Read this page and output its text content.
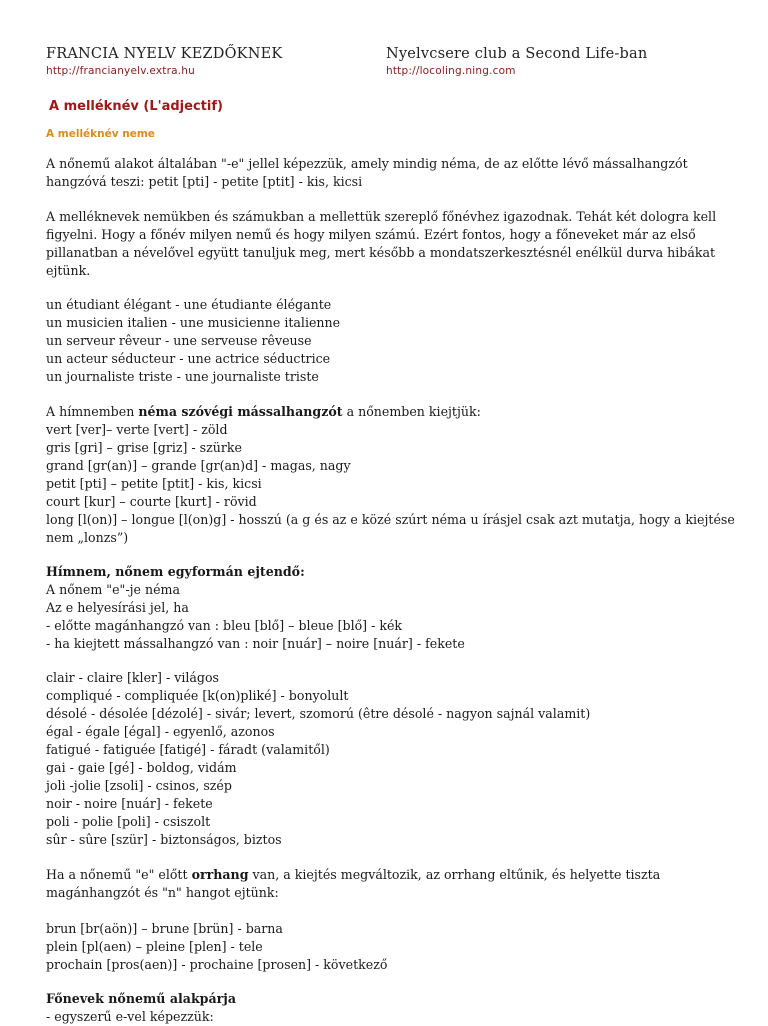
FRANCIA NYELV KEZDŐKNEK
http://francianyelv.extra.hu
Nyelvcsere club a Second Life-ban
http://locoling.ning.com
A melléknév (L'adjectif)
A melléknév neme

A nőnemű alakot általában "-e" jellel képezzük, amely mindig néma, de az előtte lévő mássalhangzót hangzóvá teszi: petit [pti] - petite [ptit] - kis, kicsi

A melléknevek nemükben és számukban a mellettük szereplő főnévhez igazodnak. Tehát két dologra kell figyelni. Hogy a főnév milyen nemű és hogy milyen számú. Ezért fontos, hogy a főneveket már az első pillanatban a névelővel együtt tanuljuk meg, mert később a mondatszerkesztésnél enélkül durva hibákat ejtünk.

un étudiant élégant - une étudiante élégante
un musicien italien - une musicienne italienne
un serveur rêveur - une serveuse rêveuse
un acteur séducteur - une actrice séductrice
un journaliste triste - une journaliste triste
A hímnemben néma szóvégi mássalhangzót a nőnemben kiejtjük:
vert [ver]– verte [vert] - zöld
gris [gri] – grise [griz] - szürke
grand [gr(an)] – grande [gr(an)d] - magas, nagy
petit [pti] – petite [ptit] - kis, kicsi
court [kur] – courte [kurt] - rövid
long [l(on)] – longue [l(on)g] - hosszú (a g és az e közé szúrt néma u írásjel csak azt mutatja, hogy a kiejtése
nem „lonzs”)
Hímnem, nőnem egyformán ejtendő:
A nőnem "e"-je néma
Az e helyesírási jel, ha
- előtte magánhangzó van : bleu [blő] – bleue [blő] - kék
- ha kiejtett mássalhangzó van : noir [nuár] – noire [nuár] - fekete
clair - claire [kler] - világos
compliqué - compliquée [k(on)pliké] - bonyolult
désolé - désolée [dézolé] - sivár; levert, szomorú (être désolé - nagyon sajnál valamit)
égal - égale [égal] - egyenlő, azonos
fatigué - fatiguée [fatigé] - fáradt (valamitől)
gai - gaie [gé] - boldog, vidám
joli -jolie [zsoli] - csinos, szép
noir - noire [nuár] - fekete
poli - polie [poli] - csiszolt
sûr - sûre [szür] - biztonságos, biztos

Ha a nőnemű "e" előtt orrhang van, a kiejtés megváltozik, az orrhang eltűnik, és helyette tiszta magánhangzót és "n" hangot ejtünk:

brun [br(aön)] – brune [brün] - barna
plein [pl(aen) – pleine [plen] - tele
prochain [pros(aen)] - prochaine [prosen] - következő
Főnevek nőnemű alakpárja
- egyszerű e-vel képezzük:
